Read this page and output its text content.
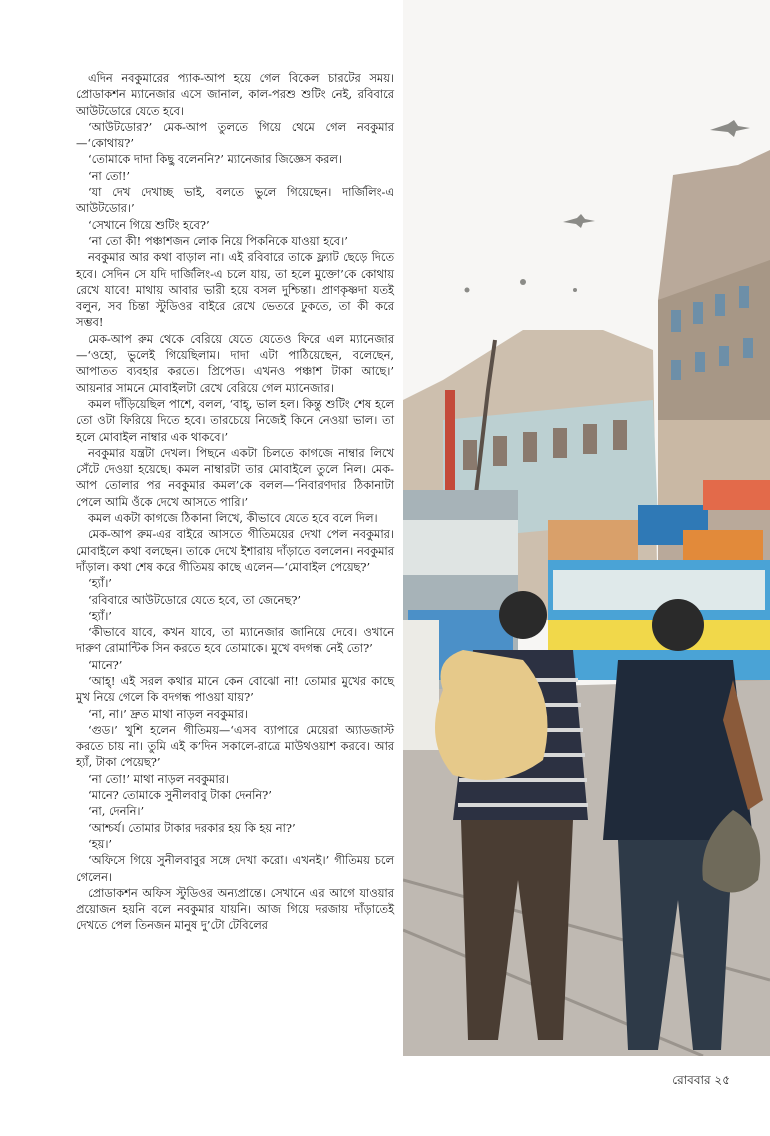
এদিন নবকুমারের প্যাক-আপ হয়ে গেল বিকেল চারটের সময়। প্রোডাকশন ম্যানেজার এসে জানাল, কাল-পরশু শুটিং নেই, রবিবারে আউটডোরে যেতে হবে।

‘আউটডোর?’ মেক-আপ তুলতে গিয়ে থেমে গেল নবকুমার—‘কোথায়?’

‘তোমাকে দাদা কিছু বলেননি?’ ম্যানেজার জিজ্ঞেস করল।

‘না তো!’

‘যা দেখ দেখাচ্ছ ভাই, বলতে ভুলে গিয়েছেন। দার্জিলিং-এ আউটডোর।’

‘সেখানে গিয়ে শুটিং হবে?’

‘না তো কী! পঞ্চাশজন লোক নিয়ে পিকনিকে যাওয়া হবে।’

নবকুমার আর কথা বাড়াল না। এই রবিবারে তাকে ফ্ল্যাট ছেড়ে দিতে হবে। সেদিন সে যদি দার্জিলিং-এ চলে যায়, তা হলে মুক্তো’কে কোথায় রেখে যাবে! মাথায় আবার ভারী হয়ে বসল দুশ্চিন্তা। প্রাণকৃষ্ণদা যতই বলুন, সব চিন্তা স্টুডিওর বাইরে রেখে ভেতরে ঢুকতে, তা কী করে সম্ভব!

মেক-আপ রুম থেকে বেরিয়ে যেতে যেতেও ফিরে এল ম্যানেজার—‘ওহো, ভুলেই গিয়েছিলাম। দাদা এটা পাঠিয়েছেন, বলেছেন, আপাতত ব্যবহার করতে। প্রিপেড। এখনও পঞ্চাশ টাকা আছে।’ আয়নার সামনে মোবাইলটা রেখে বেরিয়ে গেল ম্যানেজার।

কমল দাঁড়িয়েছিল পাশে, বলল, ‘বাহ্‌, ভাল হল। কিন্তু শুটিং শেষ হলে তো ওটা ফিরিয়ে দিতে হবে। তারচেয়ে নিজেই কিনে নেওয়া ভাল। তা হলে মোবাইল নাম্বার এক থাকবে।’

নবকুমার যন্ত্রটা দেখল। পিছনে একটা চিলতে কাগজে নাম্বার লিখে সেঁটে দেওয়া হয়েছে। কমল নাম্বারটা তার মোবাইলে তুলে নিল। মেক-আপ তোলার পর নবকুমার কমল’কে বলল—‘নিবারণদার ঠিকানাটা পেলে আমি ওঁকে দেখে আসতে পারি।’

কমল একটা কাগজে ঠিকানা লিখে, কীভাবে যেতে হবে বলে দিল।

মেক-আপ রুম-এর বাইরে আসতে গীতিময়ের দেখা পেল নবকুমার। মোবাইলে কথা বলছেন। তাকে দেখে ইশারায় দাঁড়াতে বললেন। নবকুমার দাঁড়াল। কথা শেষ করে গীতিময় কাছে এলেন—‘মোবাইল পেয়েছ?’

‘হ্যাঁ।’

‘রবিবারে আউটডোরে যেতে হবে, তা জেনেছ?’

‘হ্যাঁ।’

‘কীভাবে যাবে, কখন যাবে, তা ম্যানেজার জানিয়ে দেবে। ওখানে দারুণ রোমান্টিক সিন করতে হবে তোমাকে। মুখে বদগন্ধ নেই তো?’

‘মানে?’

‘আহ্‌! এই সরল কথার মানে কেন বোঝো না! তোমার মুখের কাছে মুখ নিয়ে গেলে কি বদগন্ধ পাওয়া যায়?’

‘না, না।’ দ্রুত মাথা নাড়ল নবকুমার।

‘গুড।’ খুশি হলেন গীতিময়—‘এসব ব্যাপারে মেয়েরা অ্যাডজাস্ট করতে চায় না। তুমি এই ক’দিন সকালে-রাত্রে মাউথওয়াশ করবে। আর হ্যাঁ, টাকা পেয়েছ?’

‘না তো!’ মাথা নাড়ল নবকুমার।

‘মানে? তোমাকে সুনীলবাবু টাকা দেননি?’

‘না, দেননি।’

‘আশ্চর্য। তোমার টাকার দরকার হয় কি হয় না?’

‘হয়।’

‘অফিসে গিয়ে সুনীলবাবুর সঙ্গে দেখা করো। এখনই।’ গীতিময় চলে গেলেন।

প্রোডাকশন অফিস স্টুডিওর অন্যপ্রান্তে। সেখানে এর আগে যাওয়ার প্রয়োজন হয়নি বলে নবকুমার যায়নি। আজ গিয়ে দরজায় দাঁড়াতেই দেখতে পেল তিনজন মানুষ দু’টো টেবিলের

রোববার ২৫
